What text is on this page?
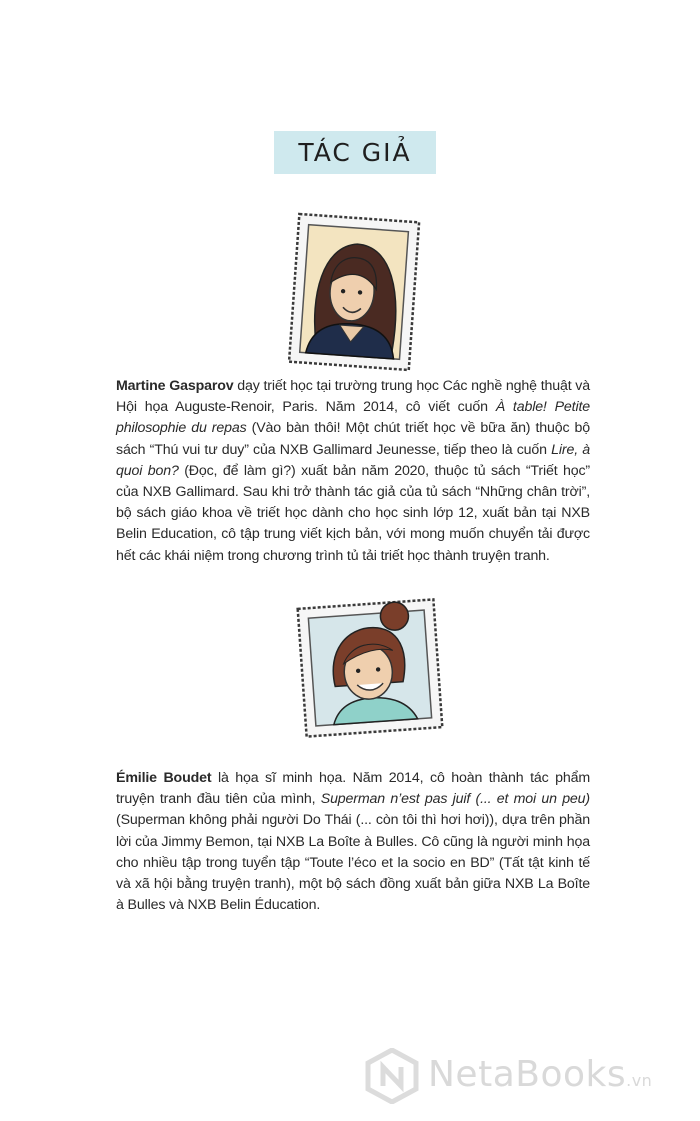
TÁC GIẢ

Martine Gasparov dạy triết học tại trường trung học Các nghề nghệ thuật và Hội họa Auguste-Renoir, Paris. Năm 2014, cô viết cuốn À table! Petite philosophie du repas (Vào bàn thôi! Một chút triết học về bữa ăn) thuộc bộ sách “Thú vui tư duy” của NXB Gallimard Jeunesse, tiếp theo là cuốn Lire, à quoi bon? (Đọc, để làm gì?) xuất bản năm 2020, thuộc tủ sách “Triết học” của NXB Gallimard. Sau khi trở thành tác giả của tủ sách “Những chân trời”, bộ sách giáo khoa về triết học dành cho học sinh lớp 12, xuất bản tại NXB Belin Education, cô tập trung viết kịch bản, với mong muốn chuyển tải được hết các khái niệm trong chương trình tủ tải triết học thành truyện tranh.

Émilie Boudet là họa sĩ minh họa. Năm 2014, cô hoàn thành tác phẩm truyện tranh đầu tiên của mình, Superman n’est pas juif (... et moi un peu) (Superman không phải người Do Thái (... còn tôi thì hơi hơi)), dựa trên phần lời của Jimmy Bemon, tại NXB La Boîte à Bulles. Cô cũng là người minh họa cho nhiều tập trong tuyển tập “Toute l’éco et la socio en BD” (Tất tật kinh tế và xã hội bằng truyện tranh), một bộ sách đồng xuất bản giữa NXB La Boîte à Bulles và NXB Belin Éducation.

NetaBooks.vn
